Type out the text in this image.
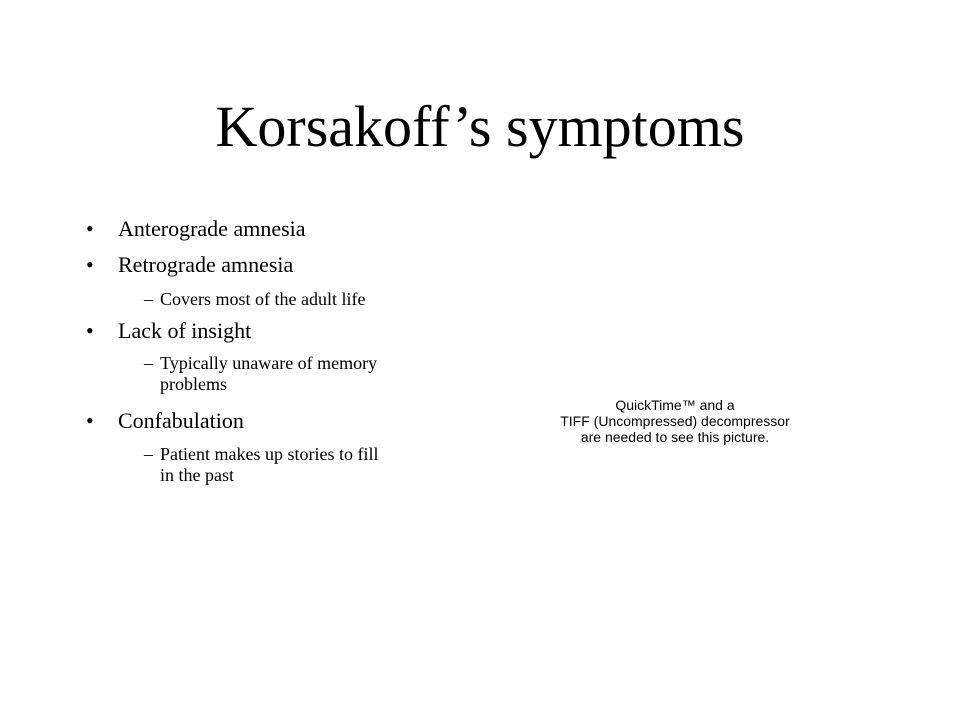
Korsakoff’s symptoms
•	Anterograde amnesia
•	Retrograde amnesia
– Covers most of the adult life
•	Lack of insight
– Typically unaware of memory
problems
•	Confabulation
– Patient makes up stories to fill
in the past
QuickTime™ and a
TIFF (Uncompressed) decompressor
are needed to see this picture.
